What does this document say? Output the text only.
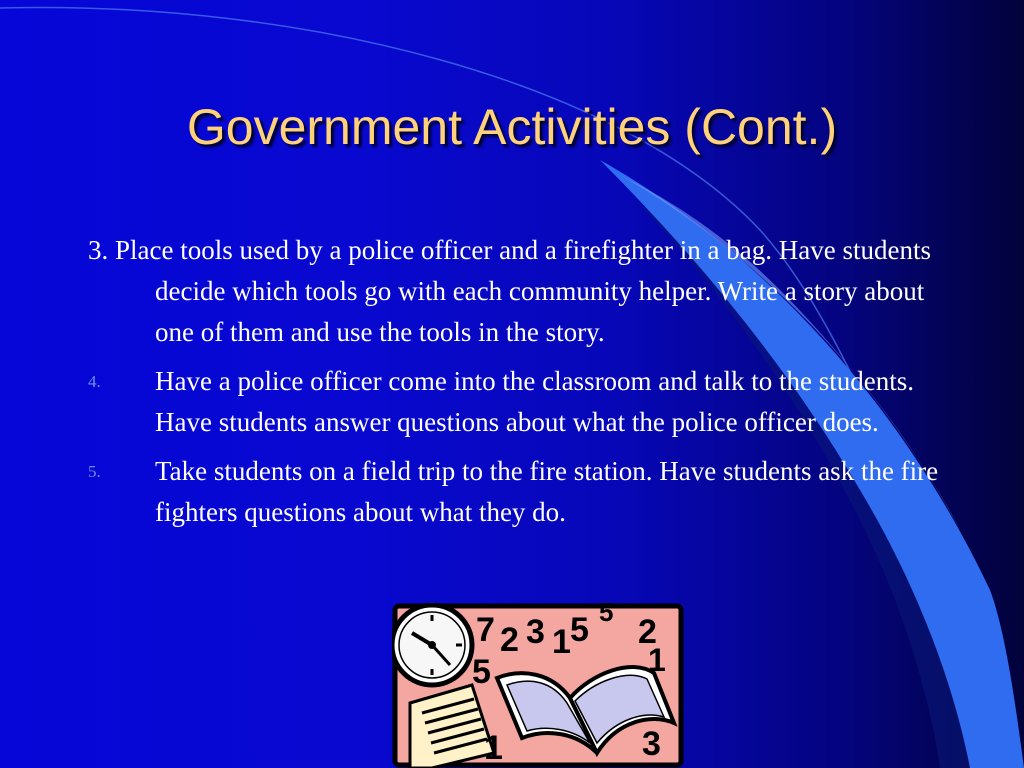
Government Activities (Cont.)
3. Place tools used by a police officer and a firefighter in a bag. Have students decide which tools go with each community helper. Write a story about one of them and use the tools in the story.
4. Have a police officer come into the classroom and talk to the students. Have students answer questions about what the police officer does.
5. Take students on a field trip to the fire station. Have students ask the fire fighters questions about what they do.
7 2 3 1 5
5
2
5
1
1	3
